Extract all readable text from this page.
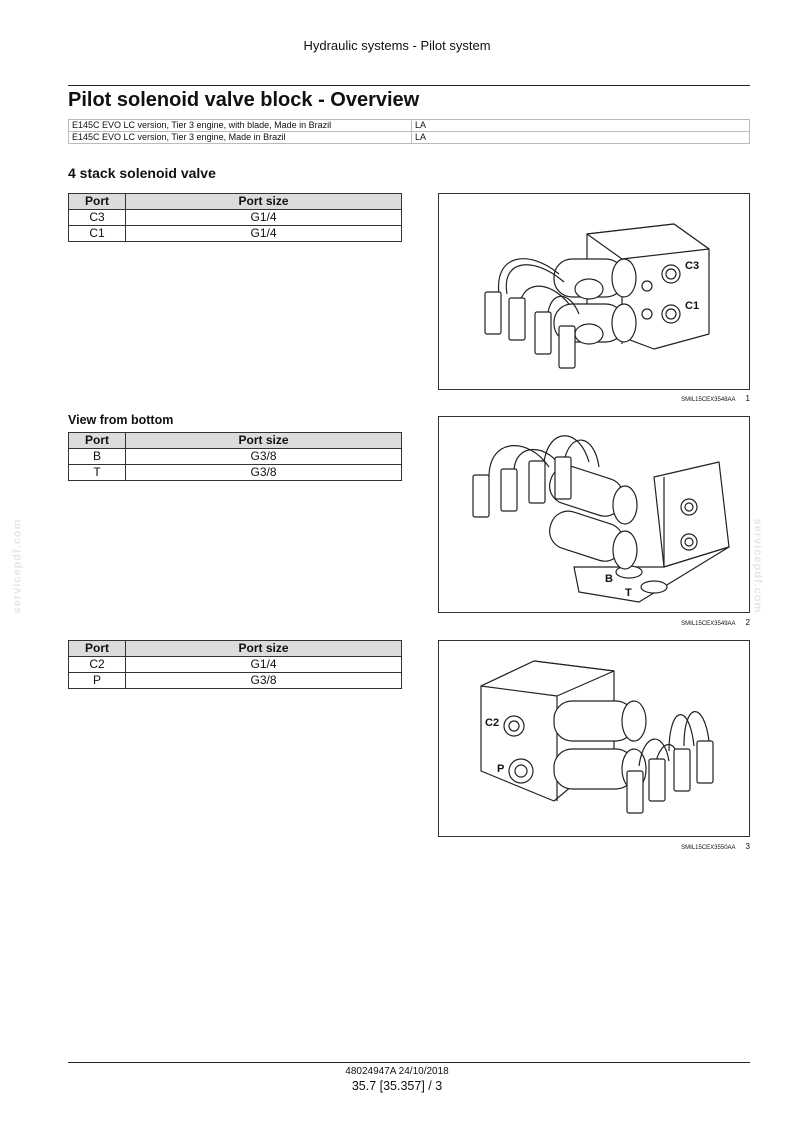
Hydraulic systems - Pilot system
Pilot solenoid valve block - Overview
E145C EVO LC version, Tier 3 engine, with blade, Made in Brazil	LA
E145C EVO LC version, Tier 3 engine, Made in Brazil	LA
4 stack solenoid valve
Port	Port size
C3	G1/4
C1	G1/4
C3
C1
SMIL15CEX3548AA 1
View from bottom
Port	Port size
B	G3/8
T	G3/8
B
T
SMIL15CEX3549AA 2
Port	Port size
C2	G1/4
P	G3/8
C2
P
SMIL15CEX3550AA 3
servicepdf.com	servicepdf.com
48024947A 24/10/2018
35.7 [35.357] / 3
